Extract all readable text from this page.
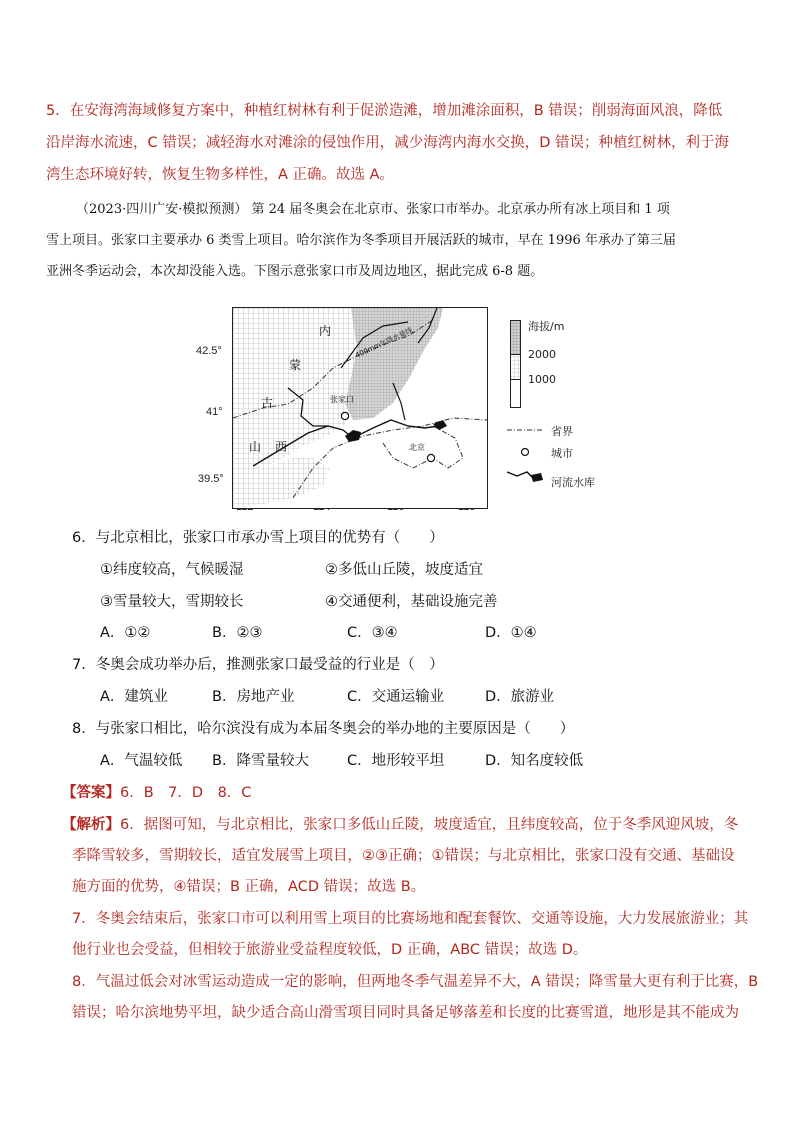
5．在安海湾海域修复方案中，种植红树林有利于促淤造滩，增加滩涂面积，B 错误；削弱海面风浪，降低
沿岸海水流速，C 错误；减轻海水对滩涂的侵蚀作用，减少海湾内海水交换，D 错误；种植红树林，利于海
湾生态环境好转，恢复生物多样性，A 正确。故选 A。
（2023·四川广安·模拟预测） 第 24 届冬奥会在北京市、张家口市举办。北京承办所有冰上项目和 1 项
雪上项目。张家口主要承办 6 类雪上项目。哈尔滨作为冬季项目开展活跃的城市，早在 1996 年承办了第三届
亚洲冬季运动会，本次却没能入选。下图示意张家口市及周边地区，据此完成 6-8 题。
42.5°
41°
39.5°
400mm年降水量线
内
蒙
古
山 西
张家口
北京
海拔/m
2000
1000
省界
城市
河流水库
6．与北京相比，张家口市承办雪上项目的优势有（　　）
①纬度较高，气候暖湿	②多低山丘陵，坡度适宜
③雪量较大，雪期较长	④交通便利，基础设施完善
A．①②	B．②③	C．③④	D．①④
7．冬奥会成功举办后，推测张家口最受益的行业是（　）
A．建筑业	B．房地产业	C．交通运输业	D．旅游业
8．与张家口相比，哈尔滨没有成为本届冬奥会的举办地的主要原因是（　　）
A．气温较低 B．降雪量较大	C．地形较平坦	D．知名度较低
【答案】6．B　7．D　8．C
【解析】6．据图可知，与北京相比，张家口多低山丘陵，坡度适宜，且纬度较高，位于冬季风迎风坡，冬
季降雪较多，雪期较长，适宜发展雪上项目，②③正确；①错误；与北京相比，张家口没有交通、基础设
施方面的优势，④错误；B 正确，ACD 错误；故选 B。
7．冬奥会结束后，张家口市可以利用雪上项目的比赛场地和配套餐饮、交通等设施，大力发展旅游业；其
他行业也会受益，但相较于旅游业受益程度较低，D 正确，ABC 错误；故选 D。
8．气温过低会对冰雪运动造成一定的影响，但两地冬季气温差异不大，A 错误；降雪量大更有利于比赛，B
错误；哈尔滨地势平坦，缺少适合高山滑雪项目同时具备足够落差和长度的比赛雪道，地形是其不能成为
